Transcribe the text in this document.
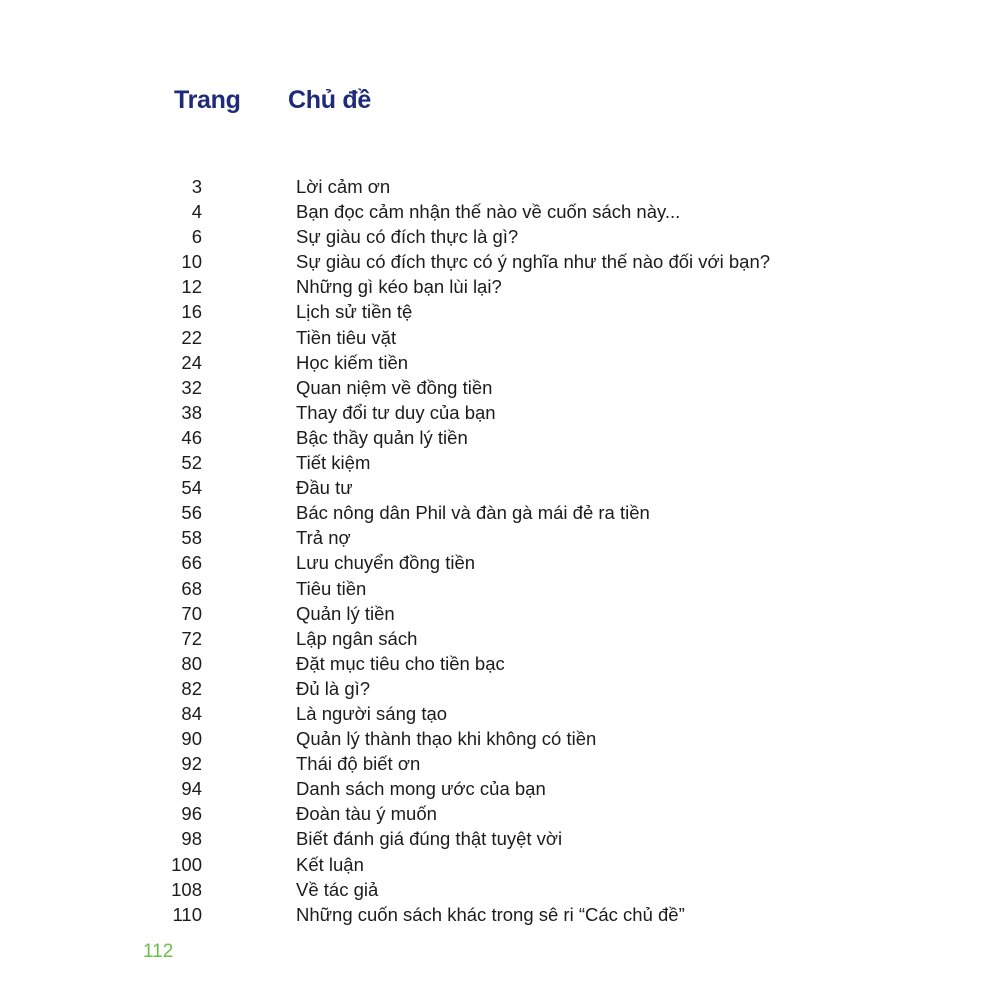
Trang Chủ đề
3	Lời cảm ơn
4	Bạn đọc cảm nhận thế nào về cuốn sách này...
6	Sự giàu có đích thực là gì?
10	Sự giàu có đích thực có ý nghĩa như thế nào đối với bạn?
12	Những gì kéo bạn lùi lại?
16	Lịch sử tiền tệ
22	Tiền tiêu vặt
24	Học kiếm tiền
32	Quan niệm về đồng tiền
38	Thay đổi tư duy của bạn
46	Bậc thầy quản lý tiền
52	Tiết kiệm
54	Đầu tư
56	Bác nông dân Phil và đàn gà mái đẻ ra tiền
58	Trả nợ
66	Lưu chuyển đồng tiền
68	Tiêu tiền
70	Quản lý tiền
72	Lập ngân sách
80	Đặt mục tiêu cho tiền bạc
82	Đủ là gì?
84	Là người sáng tạo
90	Quản lý thành thạo khi không có tiền
92	Thái độ biết ơn
94	Danh sách mong ước của bạn
96	Đoàn tàu ý muốn
98	Biết đánh giá đúng thật tuyệt vời
100	Kết luận
108	Về tác giả
110	Những cuốn sách khác trong sê ri “Các chủ đề”
112
